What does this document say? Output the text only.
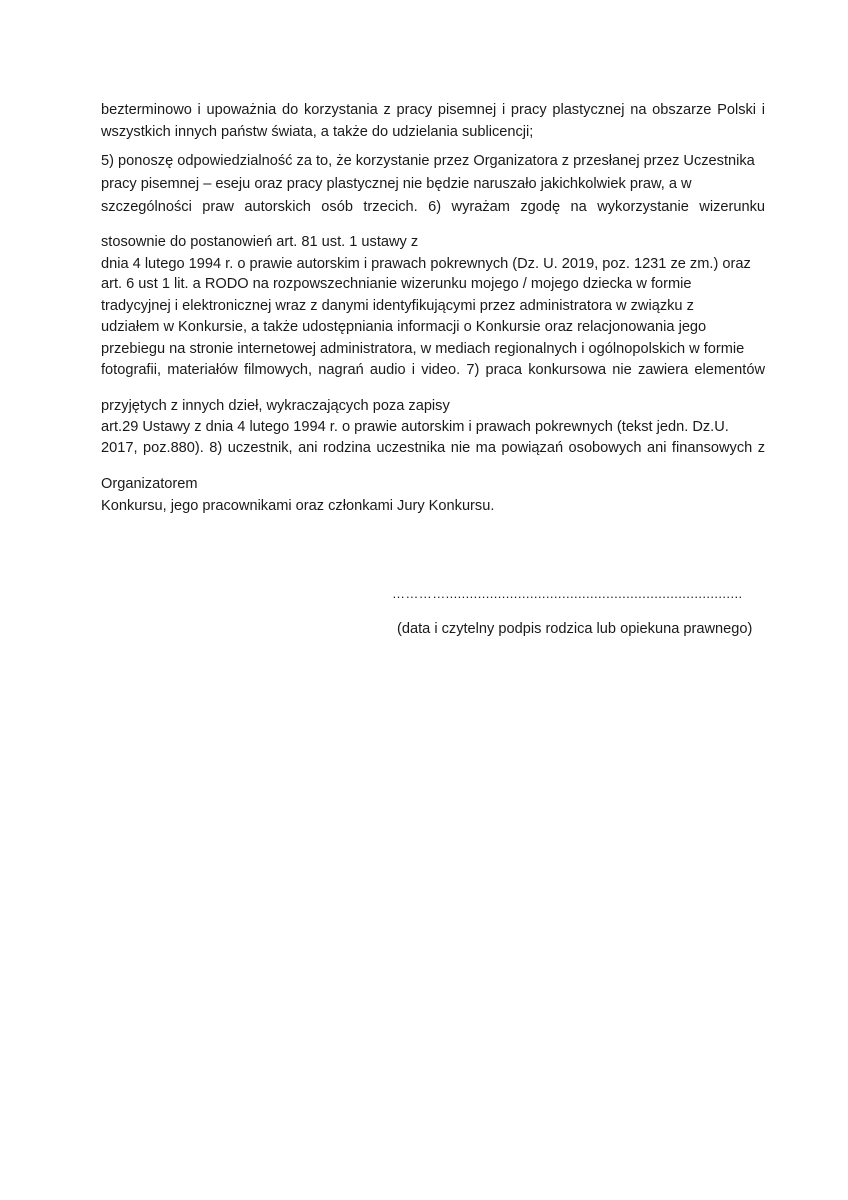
bezterminowo i upoważnia do korzystania z pracy pisemnej i pracy plastycznej na obszarze Polski i
wszystkich innych państw świata, a także do udzielania sublicencji;
5) ponoszę odpowiedzialność za to, że korzystanie przez Organizatora z przesłanej przez Uczestnika
pracy pisemnej – eseju oraz pracy plastycznej nie będzie naruszało jakichkolwiek praw, a w
szczególności praw autorskich osób trzecich. 6) wyrażam zgodę na wykorzystanie wizerunku
stosownie do postanowień art. 81 ust. 1 ustawy z
dnia 4 lutego 1994 r. o prawie autorskim i prawach pokrewnych (Dz. U. 2019, poz. 1231 ze zm.) oraz
art. 6 ust 1 lit. a RODO na rozpowszechnianie wizerunku mojego / mojego dziecka w formie
tradycyjnej i elektronicznej wraz z danymi identyfikującymi przez administratora w związku z
udziałem w Konkursie, a także udostępniania informacji o Konkursie oraz relacjonowania jego
przebiegu na stronie internetowej administratora, w mediach regionalnych i ogólnopolskich w formie
fotografii, materiałów filmowych, nagrań audio i video. 7) praca konkursowa nie zawiera elementów
przyjętych z innych dzieł, wykraczających poza zapisy
art.29 Ustawy z dnia 4 lutego 1994 r. o prawie autorskim i prawach pokrewnych (tekst jedn. Dz.U.
2017, poz.880). 8) uczestnik, ani rodzina uczestnika nie ma powiązań osobowych ani finansowych z
Organizatorem
Konkursu, jego pracownikami oraz członkami Jury Konkursu.
…………..........................................................................
(data i czytelny podpis rodzica lub opiekuna prawnego)
